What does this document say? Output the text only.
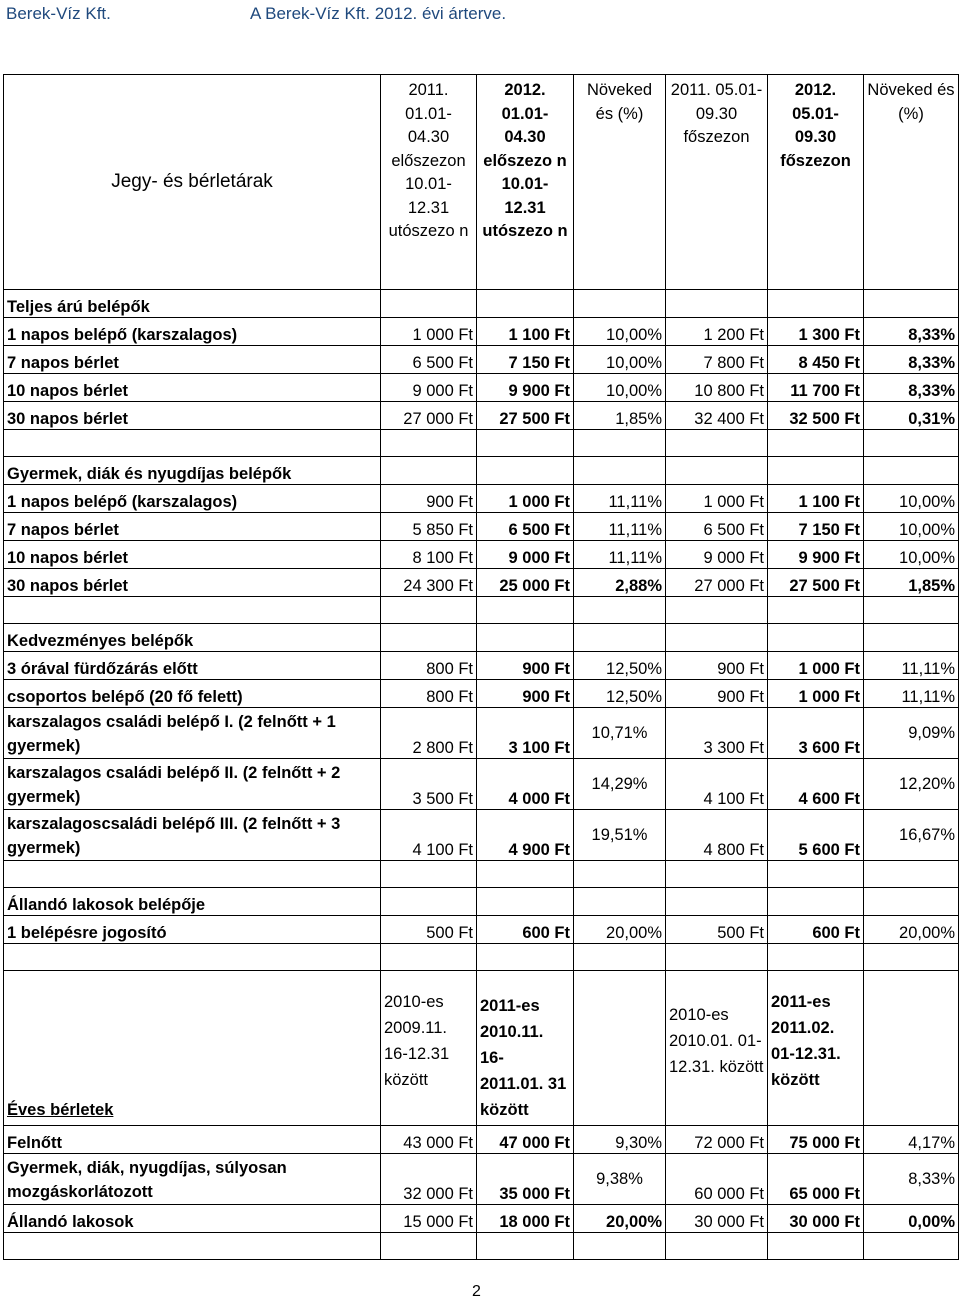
Berek-Víz Kft.	A Berek-Víz Kft. 2012. évi árterve.
Jegy- és bérletárak	2011. 01.01- 04.30 előszezon 10.01- 12.31 utószezo n	2012. 01.01- 04.30 előszezo n 10.01- 12.31 utószezo n	Növeked és (%)	2011. 05.01- 09.30 főszezon	2012. 05.01- 09.30 főszezon	Növeked és (%)
Teljes árú belépők						
1 napos belépő (karszalagos)	1 000 Ft	1 100 Ft	10,00%	1 200 Ft	1 300 Ft	8,33%
7 napos bérlet	6 500 Ft	7 150 Ft	10,00%	7 800 Ft	8 450 Ft	8,33%
10 napos bérlet	9 000 Ft	9 900 Ft	10,00%	10 800 Ft	11 700 Ft	8,33%
30 napos bérlet	27 000 Ft	27 500 Ft	1,85%	32 400 Ft	32 500 Ft	0,31%

Gyermek, diák és nyugdíjas belépők						
1 napos belépő (karszalagos)	900 Ft	1 000 Ft	11,11%	1 000 Ft	1 100 Ft	10,00%
7 napos bérlet	5 850 Ft	6 500 Ft	11,11%	6 500 Ft	7 150 Ft	10,00%
10 napos bérlet	8 100 Ft	9 000 Ft	11,11%	9 000 Ft	9 900 Ft	10,00%
30 napos bérlet	24 300 Ft	25 000 Ft	2,88%	27 000 Ft	27 500 Ft	1,85%

Kedvezményes belépők						
3 órával fürdőzárás előtt	800 Ft	900 Ft	12,50%	900 Ft	1 000 Ft	11,11%
csoportos belépő (20 fő felett)	800 Ft	900 Ft	12,50%	900 Ft	1 000 Ft	11,11%
karszalagos családi belépő I. (2 felnőtt + 1 gyermek)	2 800 Ft	3 100 Ft	10,71%	3 300 Ft	3 600 Ft	9,09%
karszalagos családi belépő II. (2 felnőtt + 2 gyermek)	3 500 Ft	4 000 Ft	14,29%	4 100 Ft	4 600 Ft	12,20%
karszalagoscsaládi belépő III. (2 felnőtt + 3 gyermek)	4 100 Ft	4 900 Ft	19,51%	4 800 Ft	5 600 Ft	16,67%

Állandó lakosok belépője						
1 belépésre jogosító	500 Ft	600 Ft	20,00%	500 Ft	600 Ft	20,00%

Éves bérletek	2010-es 2009.11. 16-12.31 között	2011-es 2010.11. 16- 2011.01. 31 között		2010-es 2010.01. 01-12.31. között	2011-es 2011.02. 01-12.31. között	
Felnőtt	43 000 Ft	47 000 Ft	9,30%	72 000 Ft	75 000 Ft	4,17%
Gyermek, diák, nyugdíjas, súlyosan mozgáskorlátozott	32 000 Ft	35 000 Ft	9,38%	60 000 Ft	65 000 Ft	8,33%
Állandó lakosok	15 000 Ft	18 000 Ft	20,00%	30 000 Ft	30 000 Ft	0,00%

2
